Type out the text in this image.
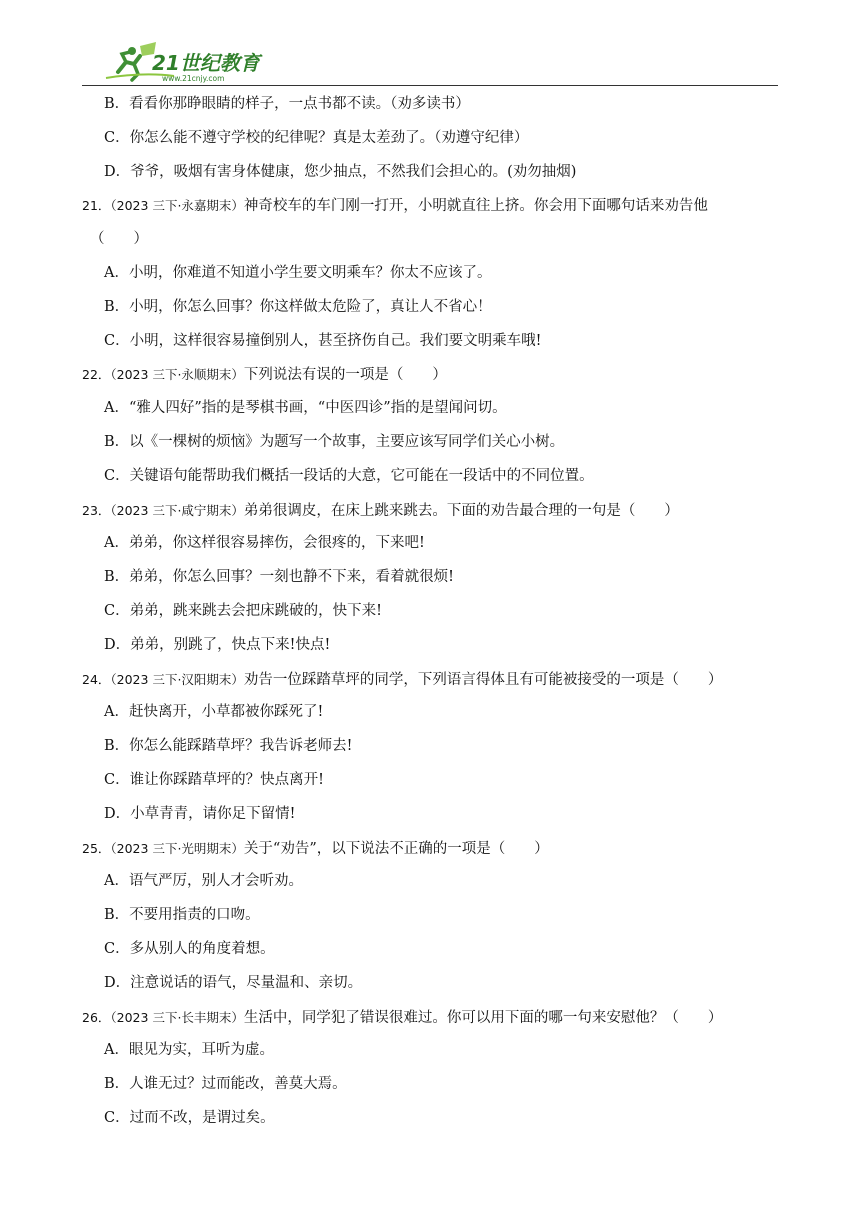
21世纪教育
www.21cnjy.com
B．看看你那睁眼睛的样子，一点书都不读。（劝多读书）
C．你怎么能不遵守学校的纪律呢？真是太差劲了。（劝遵守纪律）
D．爷爷，吸烟有害身体健康，您少抽点，不然我们会担心的。(劝勿抽烟)
21．（2023 三下·永嘉期末）神奇校车的车门刚一打开，小明就直往上挤。你会用下面哪句话来劝告他
（　　）
A．小明，你难道不知道小学生要文明乘车？你太不应该了。
B．小明，你怎么回事？你这样做太危险了，真让人不省心！
C．小明，这样很容易撞倒别人，甚至挤伤自己。我们要文明乘车哦!
22．（2023 三下·永顺期末）下列说法有误的一项是（　　）
A．“雅人四好”指的是琴棋书画，“中医四诊”指的是望闻问切。
B．以《一棵树的烦恼》为题写一个故事，主要应该写同学们关心小树。
C．关键语句能帮助我们概括一段话的大意，它可能在一段话中的不同位置。
23．（2023 三下·咸宁期末）弟弟很调皮，在床上跳来跳去。下面的劝告最合理的一句是（　　）
A．弟弟，你这样很容易摔伤，会很疼的，下来吧!
B．弟弟，你怎么回事？一刻也静不下来，看着就很烦!
C．弟弟，跳来跳去会把床跳破的，快下来!
D．弟弟，别跳了，快点下来!快点!
24．（2023 三下·汉阳期末）劝告一位踩踏草坪的同学，下列语言得体且有可能被接受的一项是（　　）
A．赶快离开，小草都被你踩死了!
B．你怎么能踩踏草坪？我告诉老师去!
C．谁让你踩踏草坪的？快点离开!
D．小草青青，请你足下留情!
25．（2023 三下·光明期末）关于“劝告”，以下说法不正确的一项是（　　）
A．语气严厉，别人才会听劝。
B．不要用指责的口吻。
C．多从别人的角度着想。
D．注意说话的语气，尽量温和、亲切。
26．（2023 三下·长丰期末）生活中，同学犯了错误很难过。你可以用下面的哪一句来安慰他？（　　）
A．眼见为实，耳听为虚。
B．人谁无过？过而能改，善莫大焉。
C．过而不改，是谓过矣。
